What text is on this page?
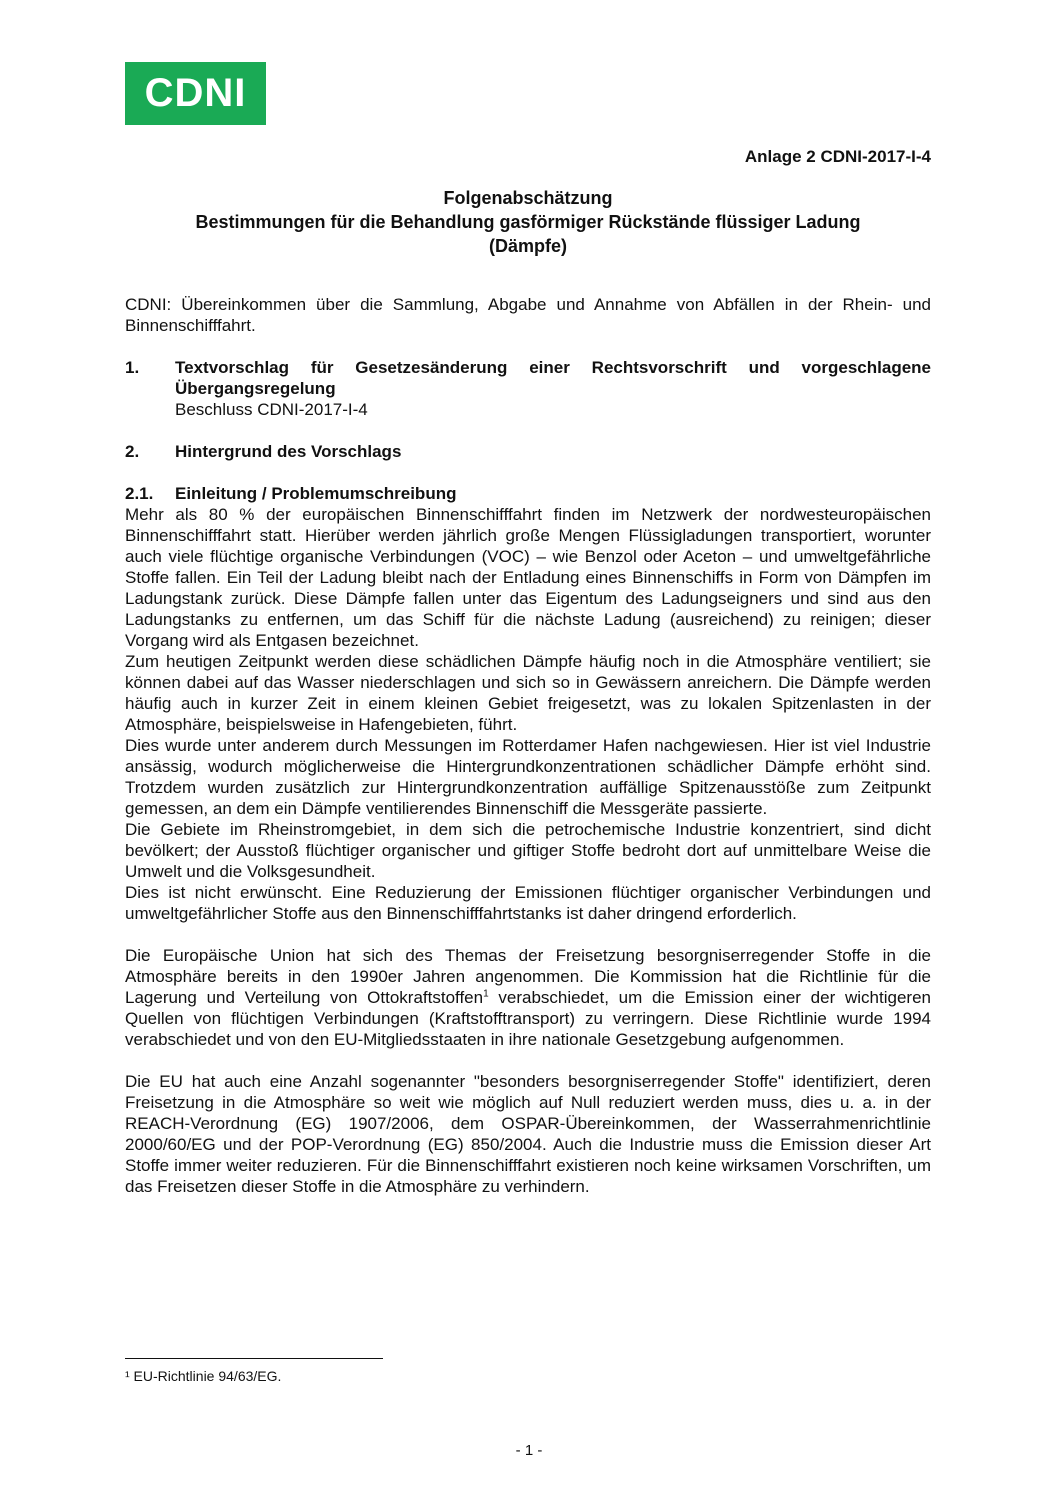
CDNI
Anlage 2 CDNI-2017-I-4
Folgenabschätzung
Bestimmungen für die Behandlung gasförmiger Rückstände flüssiger Ladung
(Dämpfe)

CDNI: Übereinkommen über die Sammlung, Abgabe und Annahme von Abfällen in der Rhein- und Binnenschifffahrt.

1.	Textvorschlag für Gesetzesänderung einer Rechtsvorschrift und vorgeschlagene Übergangsregelung
Beschluss CDNI-2017-I-4
2.	Hintergrund des Vorschlags
2.1.	Einleitung / Problemumschreibung

Mehr als 80 % der europäischen Binnenschifffahrt finden im Netzwerk der nordwesteuropäischen Binnenschifffahrt statt. Hierüber werden jährlich große Mengen Flüssigladungen transportiert, worunter auch viele flüchtige organische Verbindungen (VOC) – wie Benzol oder Aceton – und umweltgefährliche Stoffe fallen. Ein Teil der Ladung bleibt nach der Entladung eines Binnenschiffs in Form von Dämpfen im Ladungstank zurück. Diese Dämpfe fallen unter das Eigentum des Ladungseigners und sind aus den Ladungstanks zu entfernen, um das Schiff für die nächste Ladung (ausreichend) zu reinigen; dieser Vorgang wird als Entgasen bezeichnet.

Zum heutigen Zeitpunkt werden diese schädlichen Dämpfe häufig noch in die Atmosphäre ventiliert; sie können dabei auf das Wasser niederschlagen und sich so in Gewässern anreichern. Die Dämpfe werden häufig auch in kurzer Zeit in einem kleinen Gebiet freigesetzt, was zu lokalen Spitzenlasten in der Atmosphäre, beispielsweise in Hafengebieten, führt.

Dies wurde unter anderem durch Messungen im Rotterdamer Hafen nachgewiesen. Hier ist viel Industrie ansässig, wodurch möglicherweise die Hintergrundkonzentrationen schädlicher Dämpfe erhöht sind. Trotzdem wurden zusätzlich zur Hintergrundkonzentration auffällige Spitzenausstöße zum Zeitpunkt gemessen, an dem ein Dämpfe ventilierendes Binnenschiff die Messgeräte passierte.

Die Gebiete im Rheinstromgebiet, in dem sich die petrochemische Industrie konzentriert, sind dicht bevölkert; der Ausstoß flüchtiger organischer und giftiger Stoffe bedroht dort auf unmittelbare Weise die Umwelt und die Volksgesundheit.

Dies ist nicht erwünscht. Eine Reduzierung der Emissionen flüchtiger organischer Verbindungen und umweltgefährlicher Stoffe aus den Binnenschifffahrtstanks ist daher dringend erforderlich.

Die Europäische Union hat sich des Themas der Freisetzung besorgniserregender Stoffe in die Atmosphäre bereits in den 1990er Jahren angenommen. Die Kommission hat die Richtlinie für die Lagerung und Verteilung von Ottokraftstoffen$^1$ verabschiedet, um die Emission einer der wichtigeren Quellen von flüchtigen Verbindungen (Kraftstofftransport) zu verringern. Diese Richtlinie wurde 1994 verabschiedet und von den EU-Mitgliedsstaaten in ihre nationale Gesetzgebung aufgenommen.

Die EU hat auch eine Anzahl sogenannter "besonders besorgniserregender Stoffe" identifiziert, deren Freisetzung in die Atmosphäre so weit wie möglich auf Null reduziert werden muss, dies u. a. in der REACH-Verordnung (EG) 1907/2006, dem OSPAR-Übereinkommen, der Wasserrahmenrichtlinie 2000/60/EG und der POP-Verordnung (EG) 850/2004. Auch die Industrie muss die Emission dieser Art Stoffe immer weiter reduzieren. Für die Binnenschifffahrt existieren noch keine wirksamen Vorschriften, um das Freisetzen dieser Stoffe in die Atmosphäre zu verhindern.

¹ EU-Richtlinie 94/63/EG.
- 1 -
